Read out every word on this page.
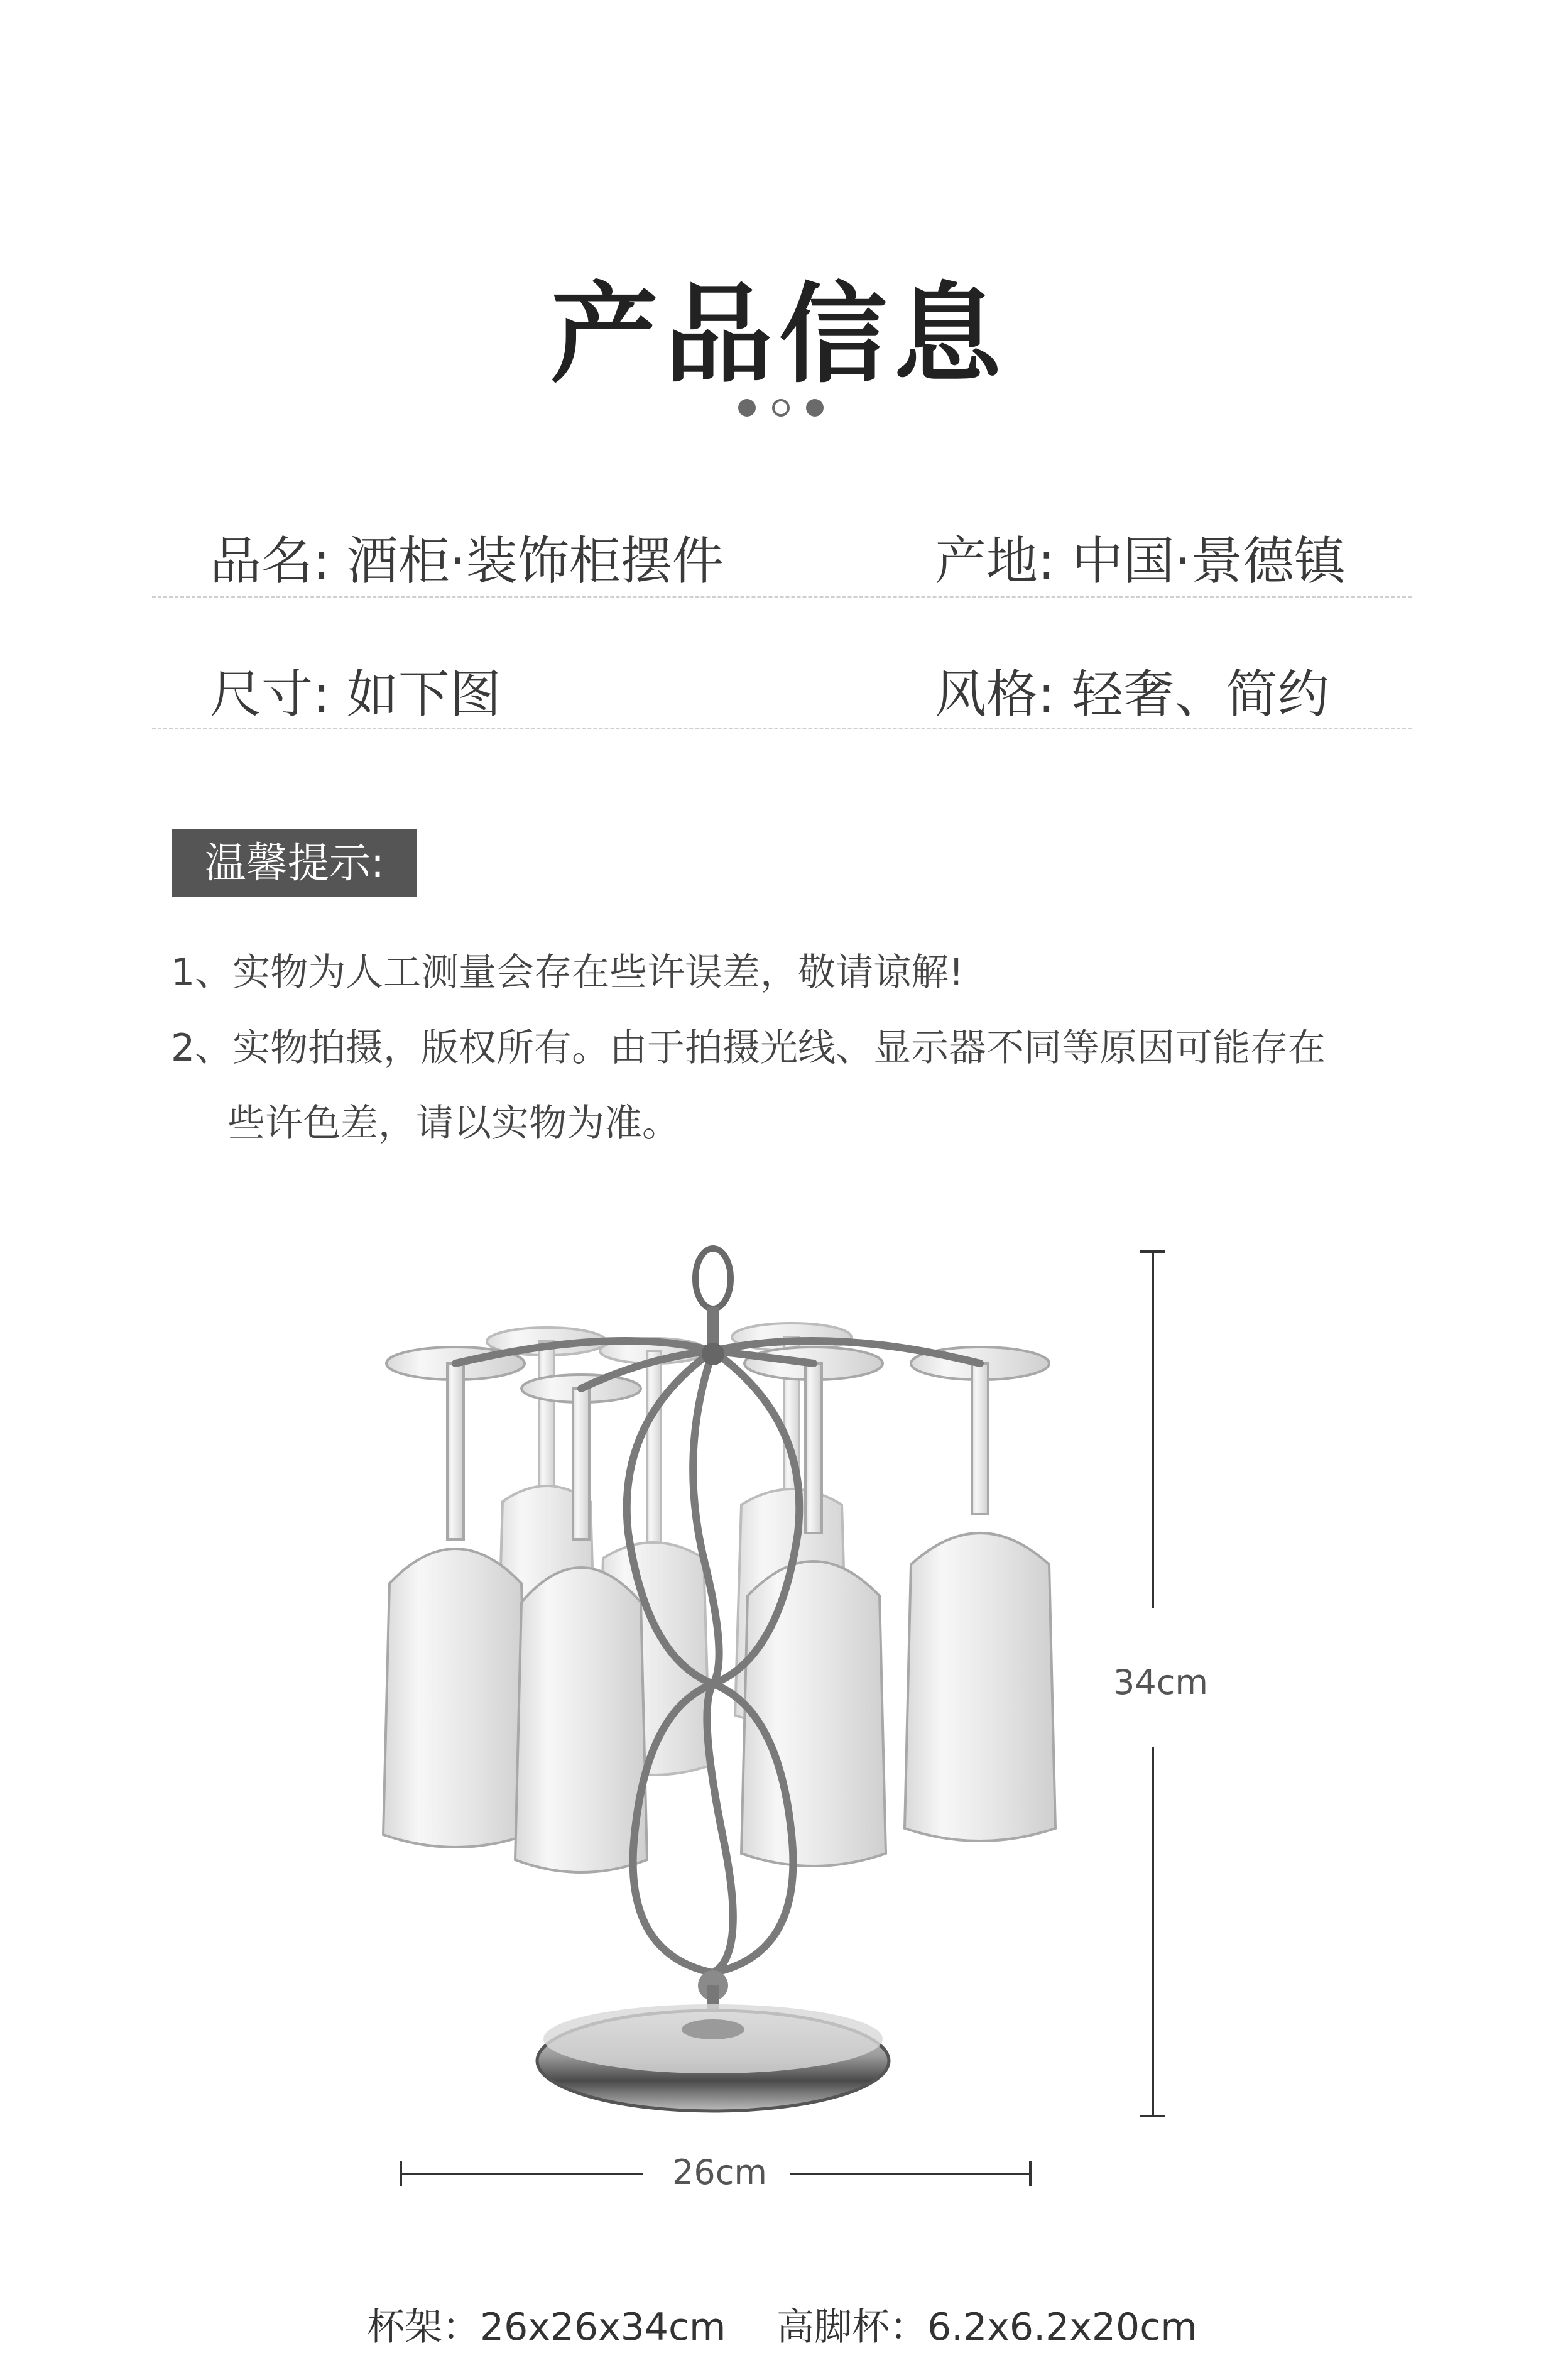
产品信息
品名: 酒柜·装饰柜摆件	产地: 中国·景德镇
尺寸: 如下图	风格: 轻奢、简约
温馨提示:
1、实物为人工测量会存在些许误差，敬请谅解!
2、实物拍摄，版权所有。由于拍摄光线、显示器不同等原因可能存在
些许色差，请以实物为准。
34cm
26cm
杯架：26x26x34cm 高脚杯：6.2x6.2x20cm
